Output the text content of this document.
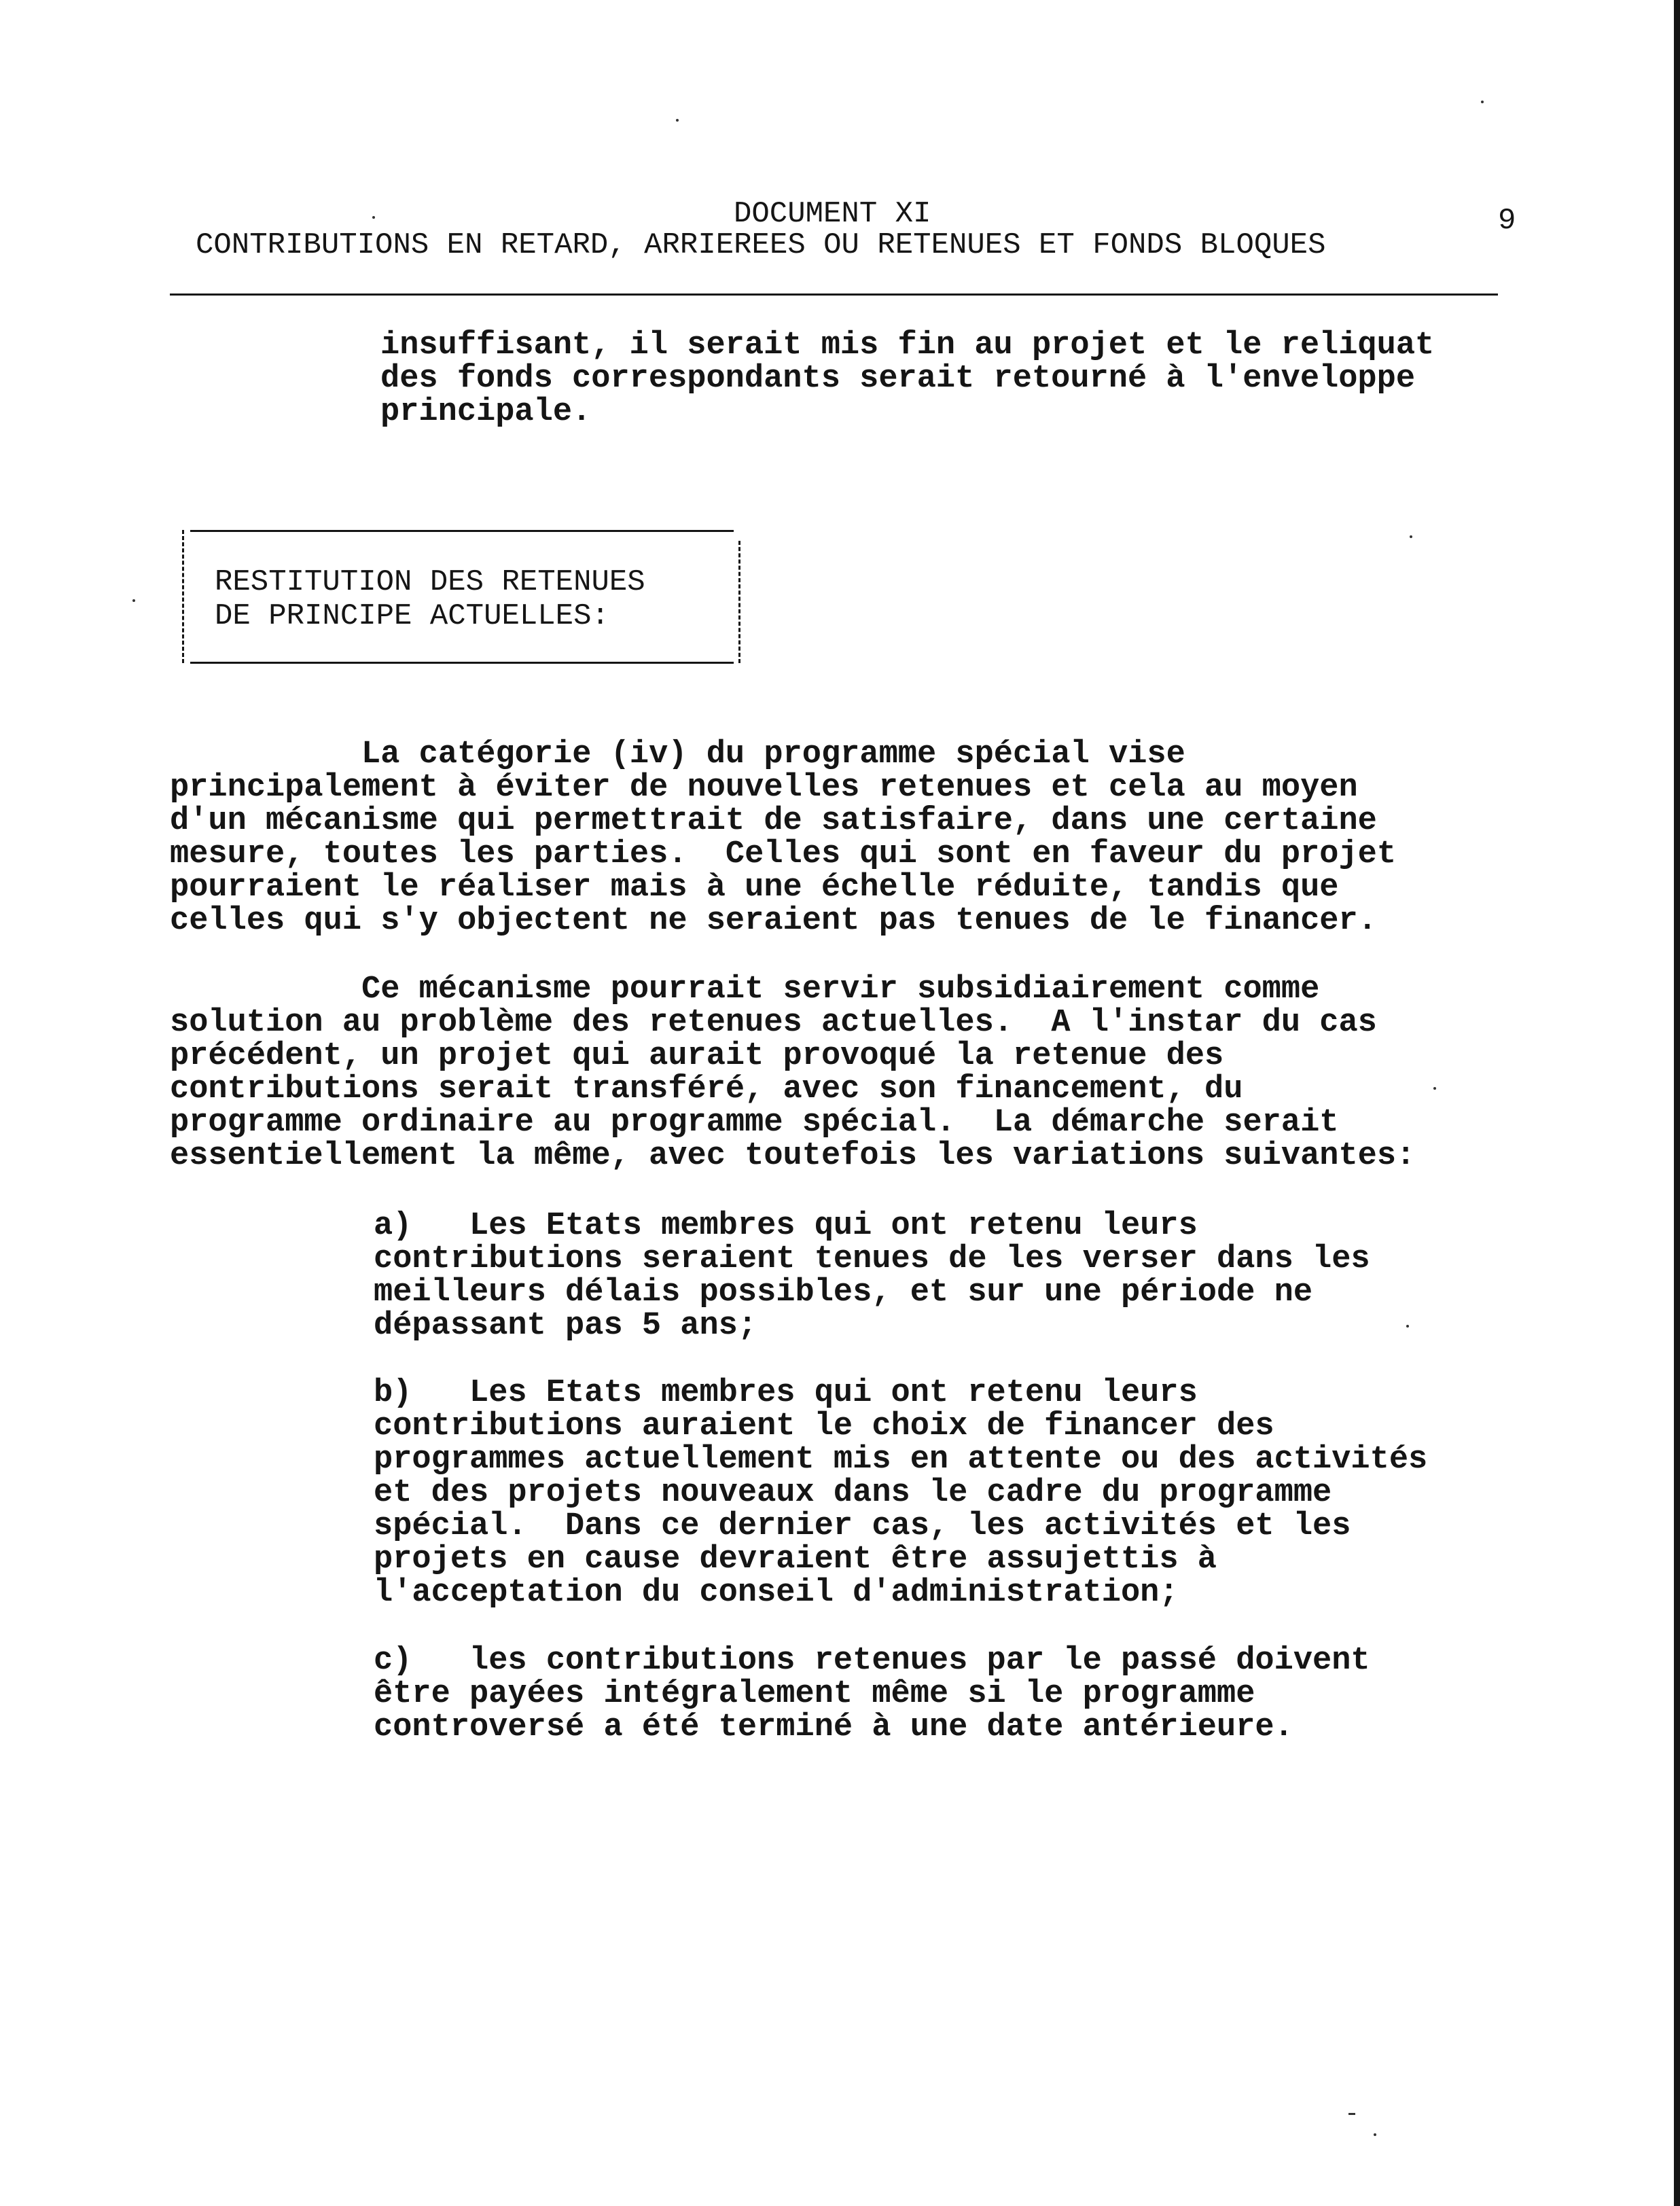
DOCUMENT XI	9
CONTRIBUTIONS EN RETARD, ARRIEREES OU RETENUES ET FONDS BLOQUES
insuffisant, il serait mis fin au projet et le reliquat
des fonds correspondants serait retourné à l'enveloppe
principale.
RESTITUTION DES RETENUES
DE PRINCIPE ACTUELLES:
La catégorie (iv) du programme spécial vise
principalement à éviter de nouvelles retenues et cela au moyen
d'un mécanisme qui permettrait de satisfaire, dans une certaine
mesure, toutes les parties.  Celles qui sont en faveur du projet
pourraient le réaliser mais à une échelle réduite, tandis que
celles qui s'y objectent ne seraient pas tenues de le financer.
Ce mécanisme pourrait servir subsidiairement comme
solution au problème des retenues actuelles.  A l'instar du cas
précédent, un projet qui aurait provoqué la retenue des
contributions serait transféré, avec son financement, du
programme ordinaire au programme spécial.  La démarche serait
essentiellement la même, avec toutefois les variations suivantes:
a)   Les Etats membres qui ont retenu leurs
contributions seraient tenues de les verser dans les
meilleurs délais possibles, et sur une période ne
dépassant pas 5 ans;
b)   Les Etats membres qui ont retenu leurs
contributions auraient le choix de financer des
programmes actuellement mis en attente ou des activités
et des projets nouveaux dans le cadre du programme
spécial.  Dans ce dernier cas, les activités et les
projets en cause devraient être assujettis à
l'acceptation du conseil d'administration;
c)   les contributions retenues par le passé doivent
être payées intégralement même si le programme
controversé a été terminé à une date antérieure.
